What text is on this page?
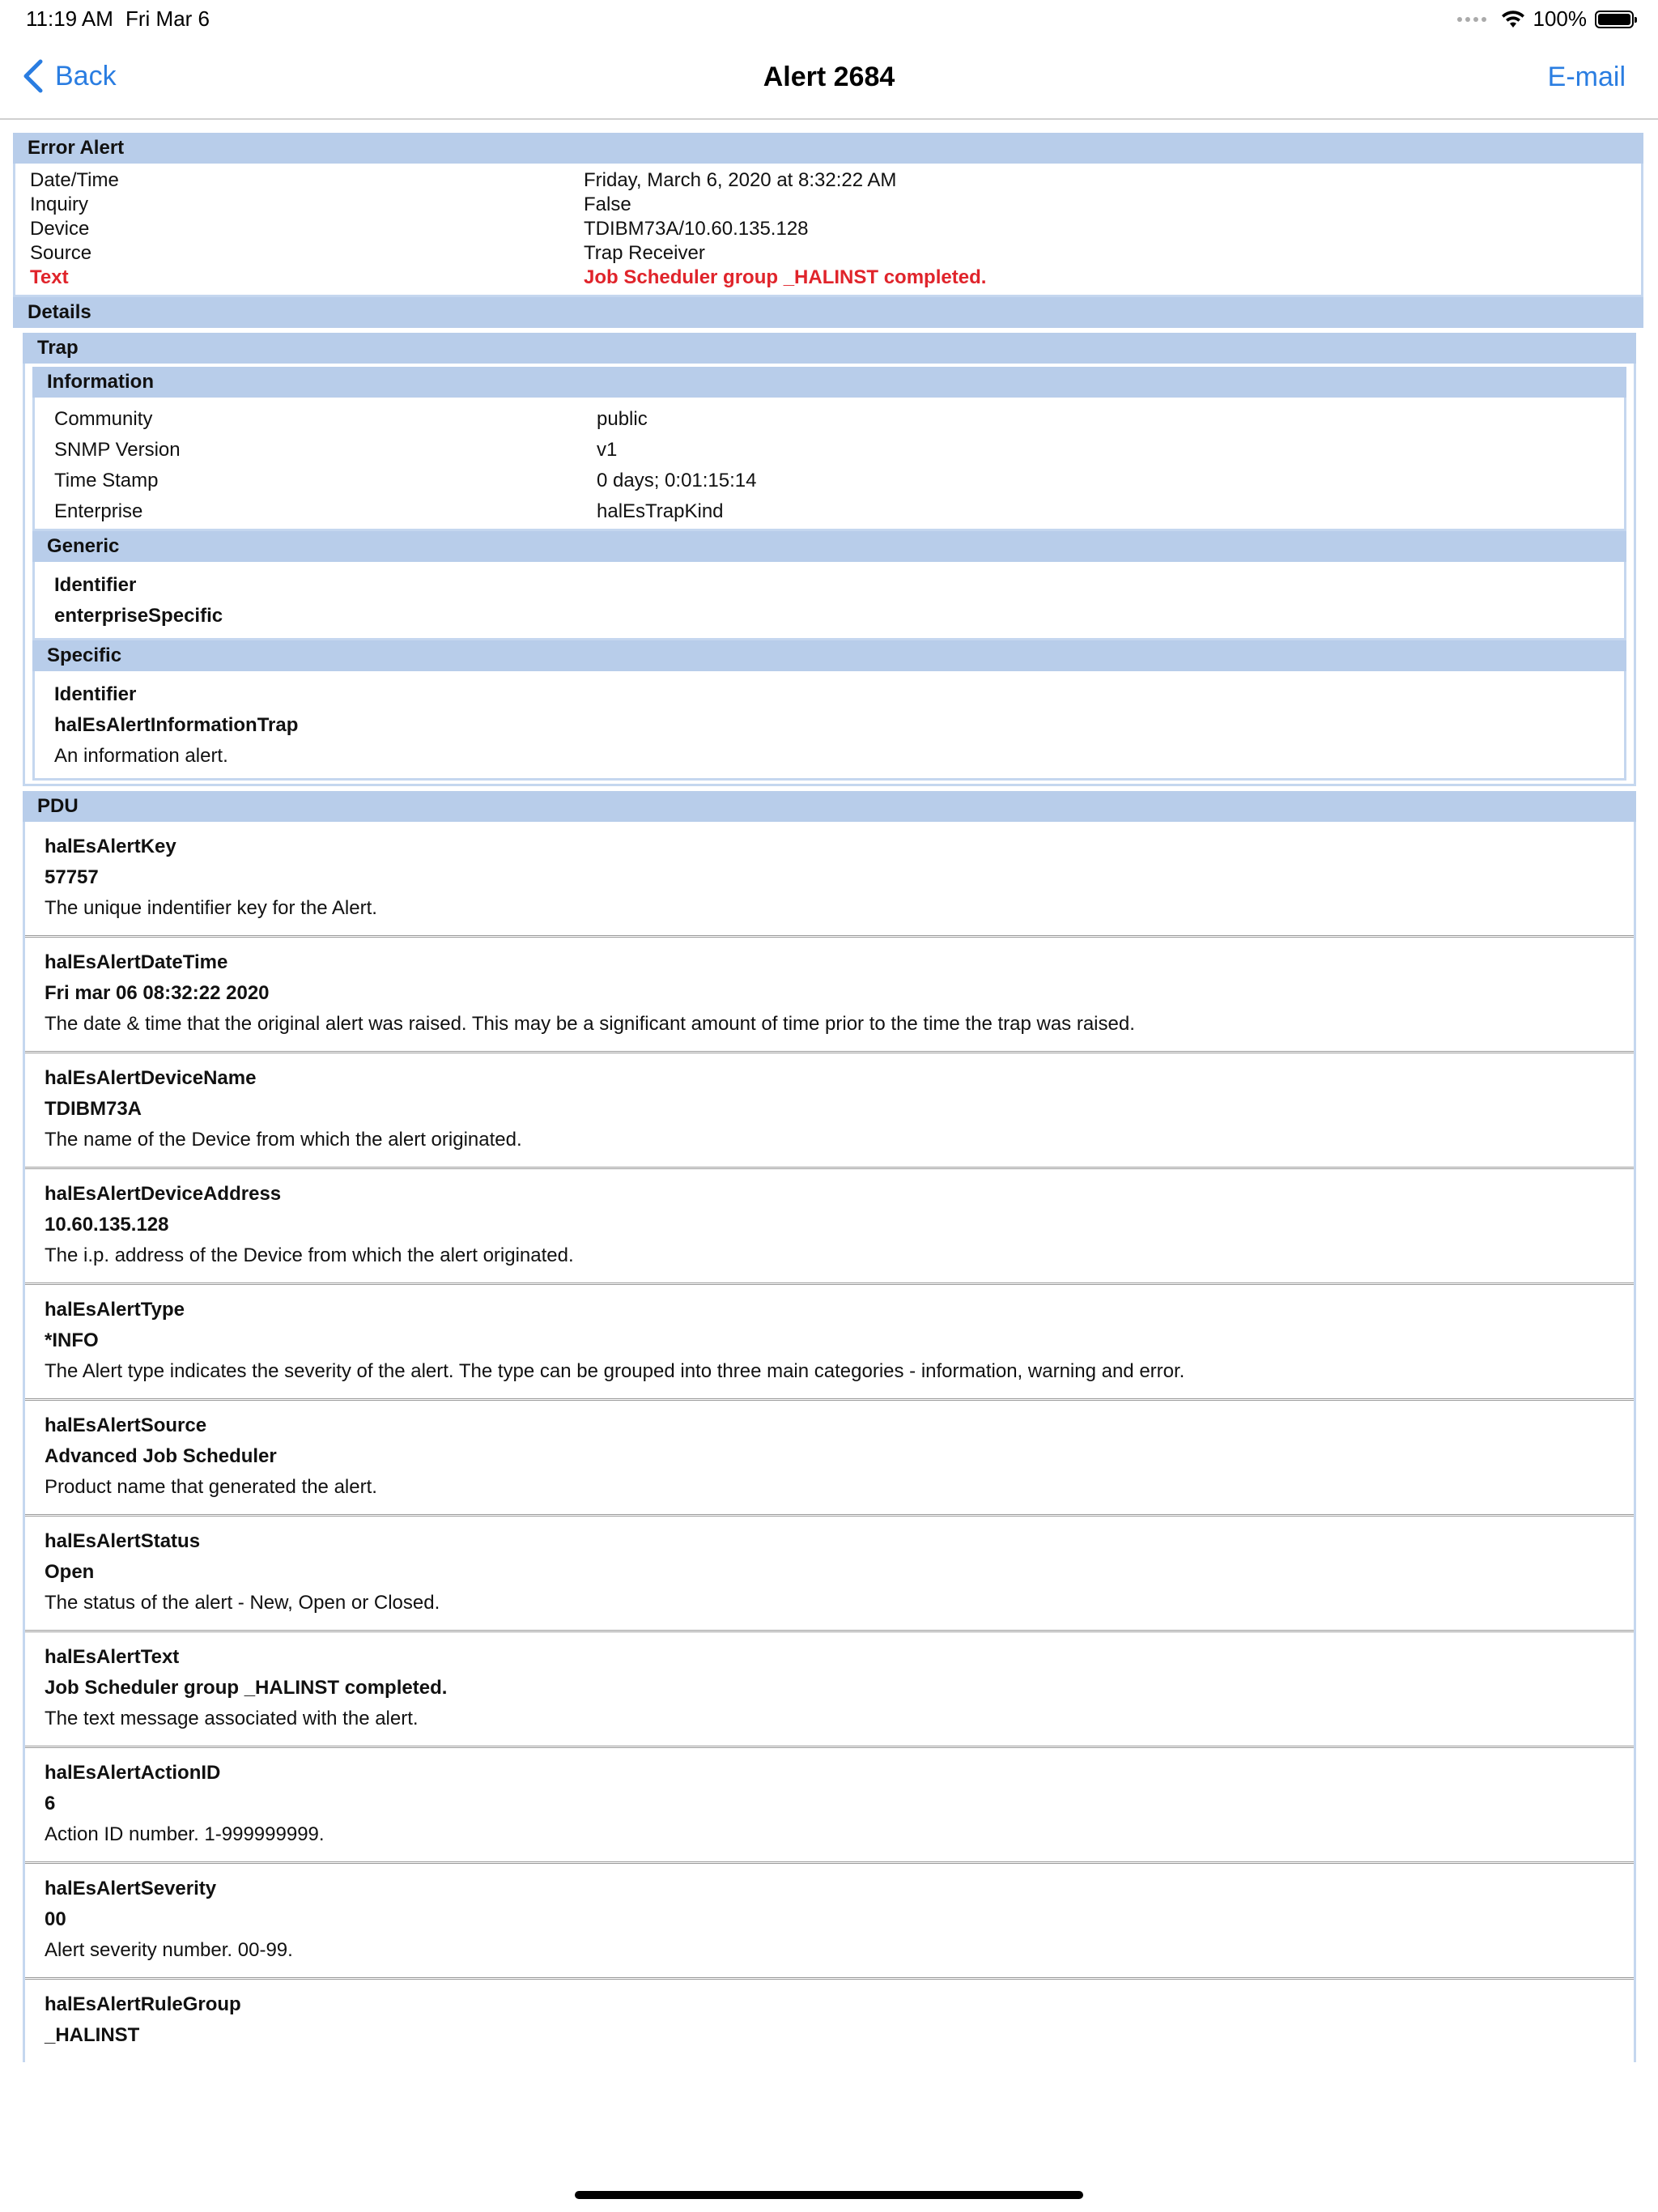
11:19 AM Fri Mar 6	100%
Back	Alert 2684	E-mail
Error Alert
Date/Time	Friday, March 6, 2020 at 8:32:22 AM
Inquiry	False
Device	TDIBM73A/10.60.135.128
Source	Trap Receiver
Text	Job Scheduler group _HALINST completed.
Details
Trap
Information
Community	public
SNMP Version	v1
Time Stamp	0 days; 0:01:15:14
Enterprise	halEsTrapKind
Generic
Identifier
enterpriseSpecific
Specific
Identifier
halEsAlertInformationTrap
An information alert.
PDU
halEsAlertKey
57757
The unique indentifier key for the Alert.
halEsAlertDateTime
Fri mar 06 08:32:22 2020
The date & time that the original alert was raised. This may be a significant amount of time prior to the time the trap was raised.
halEsAlertDeviceName
TDIBM73A
The name of the Device from which the alert originated.
halEsAlertDeviceAddress
10.60.135.128
The i.p. address of the Device from which the alert originated.
halEsAlertType
*INFO
The Alert type indicates the severity of the alert. The type can be grouped into three main categories - information, warning and error.
halEsAlertSource
Advanced Job Scheduler
Product name that generated the alert.
halEsAlertStatus
Open
The status of the alert - New, Open or Closed.
halEsAlertText
Job Scheduler group _HALINST completed.
The text message associated with the alert.
halEsAlertActionID
6
Action ID number. 1-999999999.
halEsAlertSeverity
00
Alert severity number. 00-99.
halEsAlertRuleGroup
_HALINST
